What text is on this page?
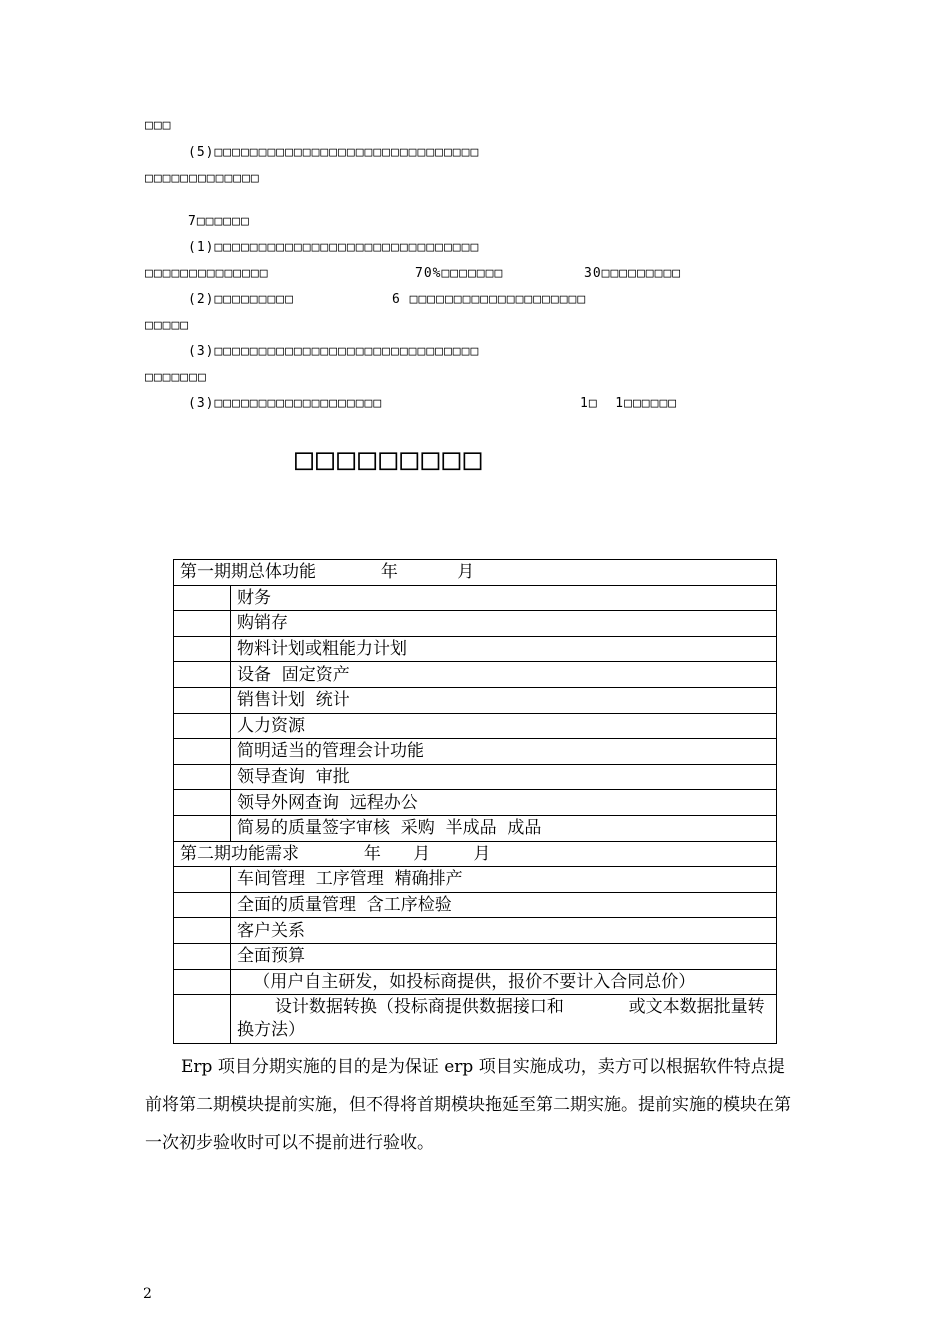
□□□
(5)□□□□□□□□□□□□□□□□□□□□□□□□□□□□□□
□□□□□□□□□□□□□
7□□□□□□
(1)□□□□□□□□□□□□□□□□□□□□□□□□□□□□□□
□□□□□□□□□□□□□□	70%□□□□□□□	30□□□□□□□□□
(2)□□□□□□□□□	6 □□□□□□□□□□□□□□□□□□□□
□□□□□
(3)□□□□□□□□□□□□□□□□□□□□□□□□□□□□□□
□□□□□□□
(3)□□□□□□□□□□□□□□□□□□□	1□  1□□□□□□
□□□□□□□□□
第一期期总体功能            年           月	
	财务
	购销存
	物料计划或粗能力计划
	设备  固定资产
	销售计划  统计
	人力资源
	简明适当的管理会计功能
	领导查询  审批
	领导外网查询  远程办公
	简易的质量签字审核  采购  半成品  成品
第二期功能需求            年      月        月	
	车间管理  工序管理  精确排产
	全面的质量管理  含工序检验
	客户关系
	全面预算
	（用户自主研发，如投标商提供，报价不要计入合同总价）
	设计数据转换（投标商提供数据接口和            或文本数据批量转换方法）
Erp 项目分期实施的目的是为保证 erp 项目实施成功，卖方可以根据软件特点提前将第二期模块提前实施，但不得将首期模块拖延至第二期实施。提前实施的模块在第一次初步验收时可以不提前进行验收。
2
